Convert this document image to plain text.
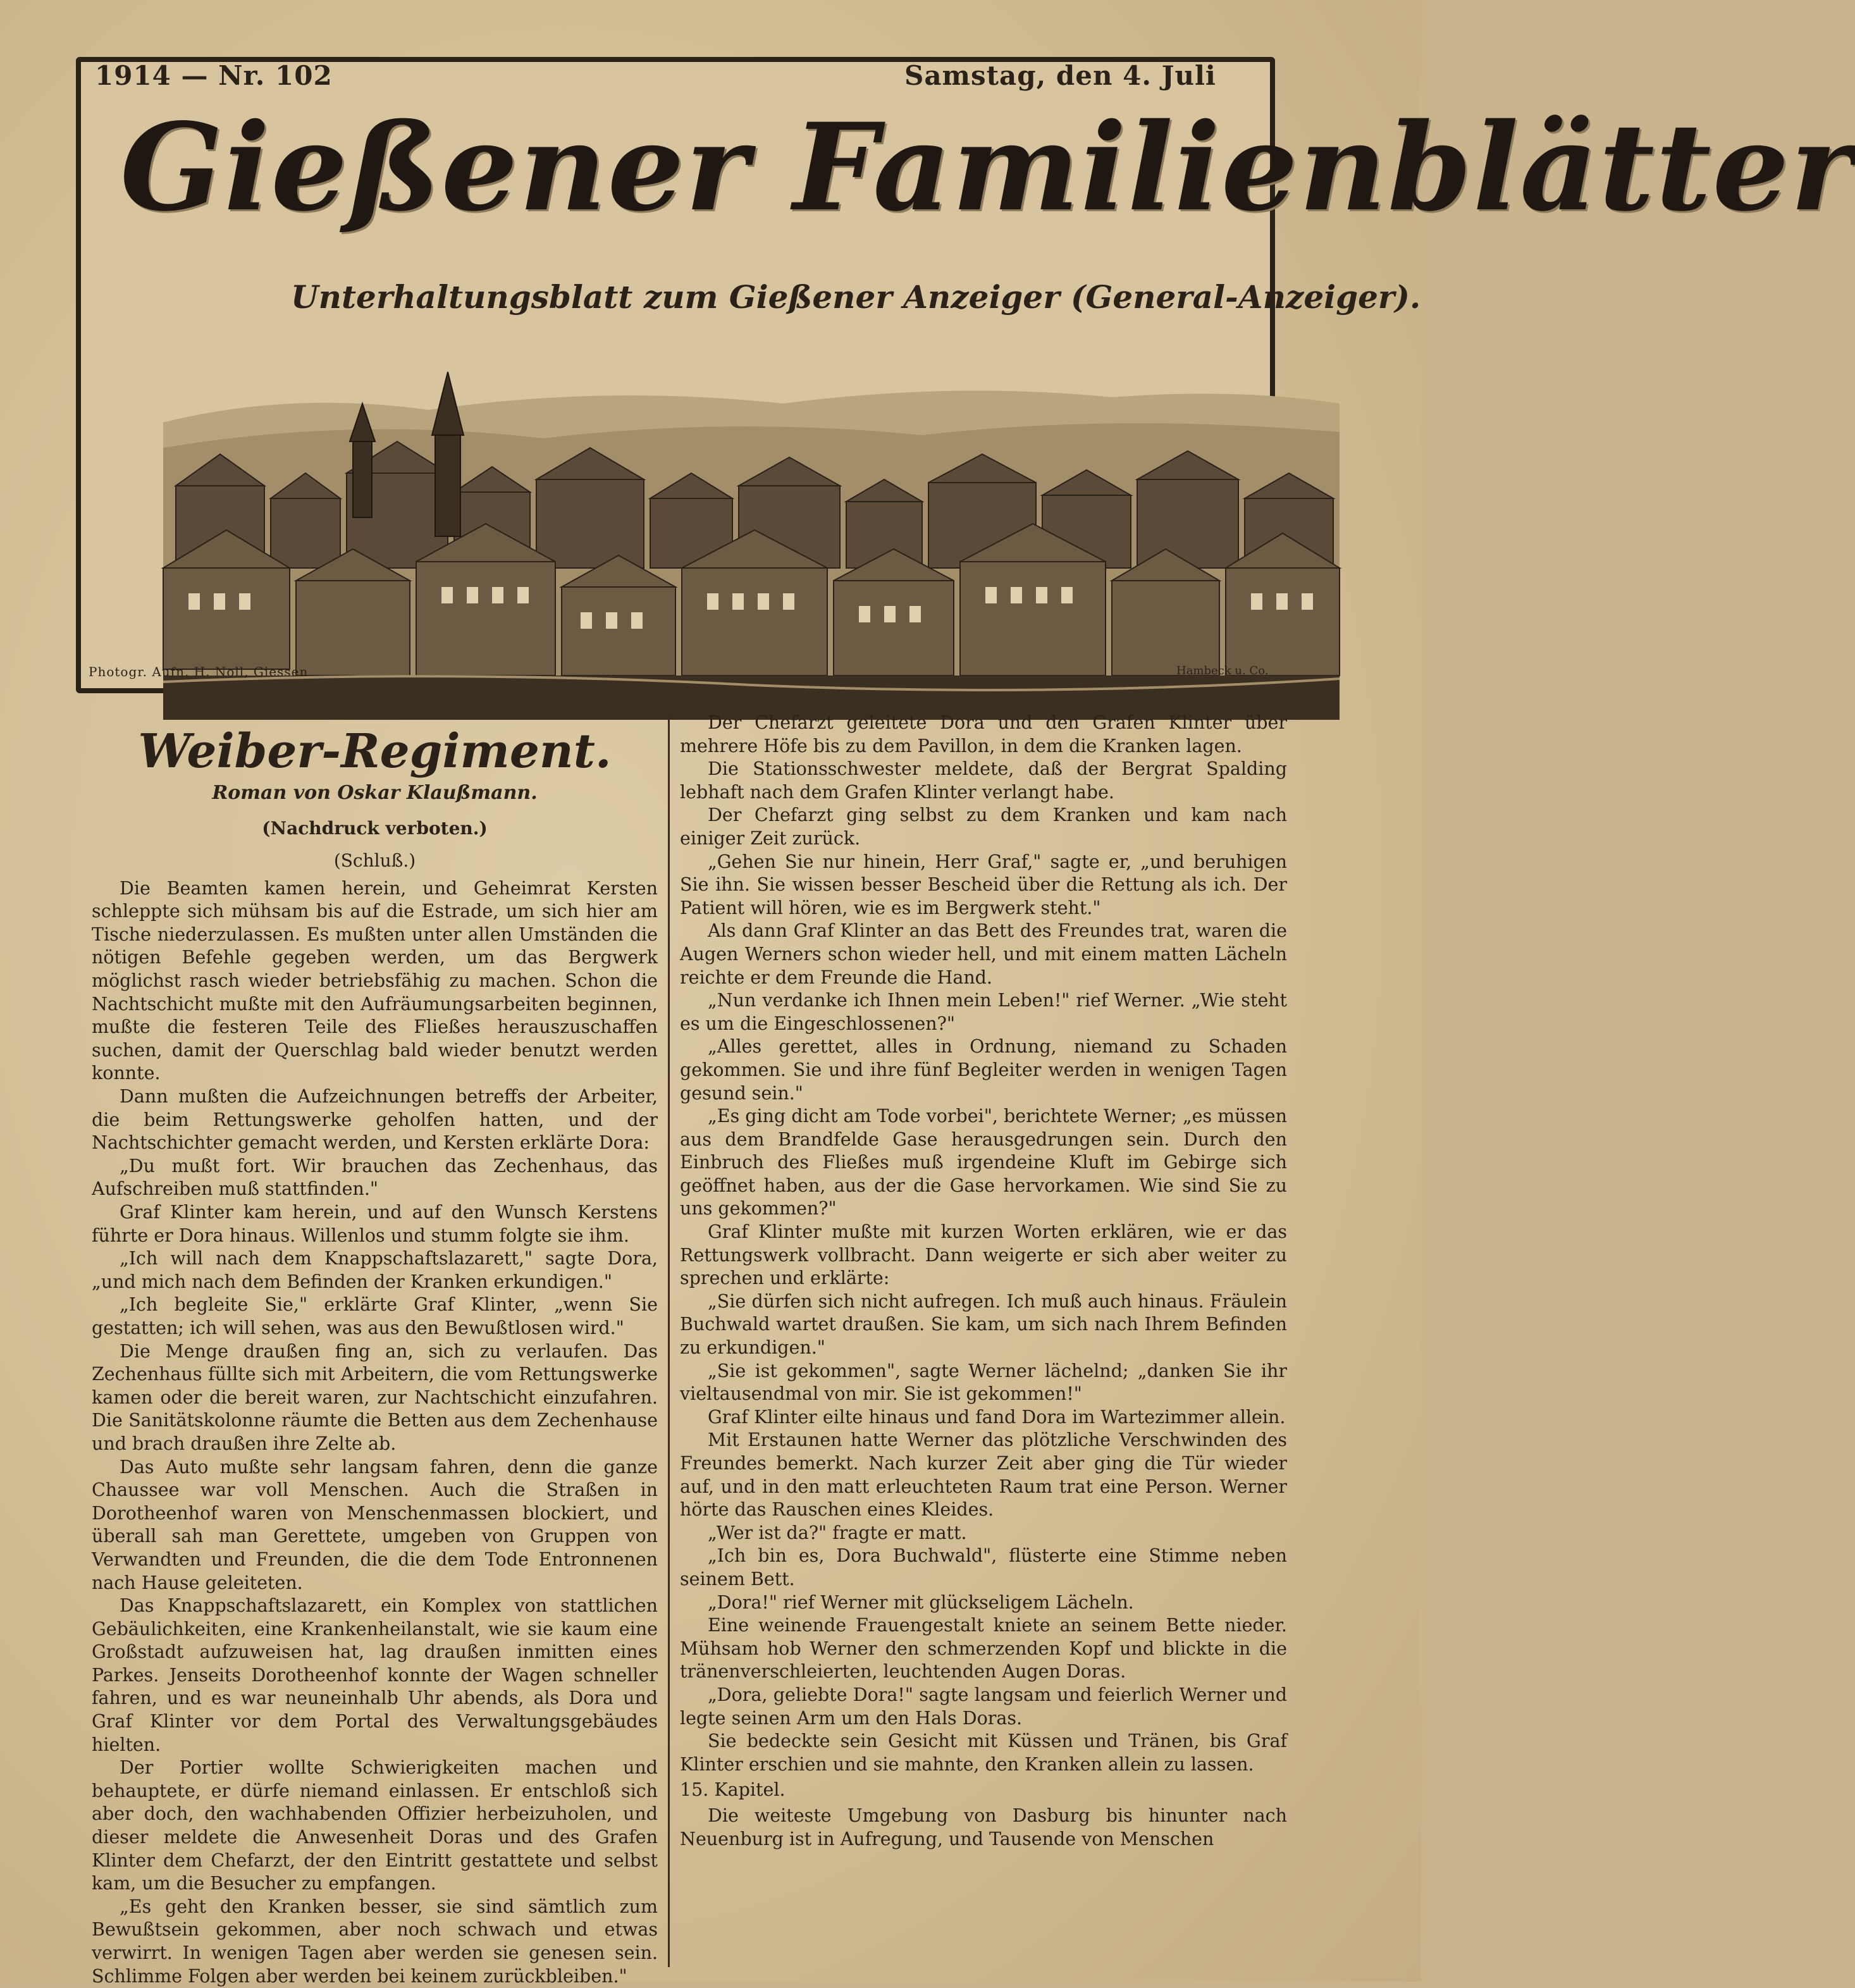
1914 — Nr. 102	Samstag, den 4. Juli
Gießener Familienblätter
Unterhaltungsblatt zum Gießener Anzeiger (General-Anzeiger).
Photogr. Aufn. H. Noll, Giessen	Hambeck u. Co.
Weiber-Regiment.
Roman von Oskar Klaußmann.
(Nachdruck verboten.)
(Schluß.)

Die Beamten kamen herein, und Geheimrat Kersten schleppte sich mühsam bis auf die Estrade, um sich hier am Tische niederzulassen. Es mußten unter allen Umständen die nötigen Befehle gegeben werden, um das Bergwerk möglichst rasch wieder betriebsfähig zu machen. Schon die Nachtschicht mußte mit den Aufräumungsarbeiten beginnen, mußte die festeren Teile des Fließes herauszuschaffen suchen, damit der Querschlag bald wieder benutzt werden konnte.

Dann mußten die Aufzeichnungen betreffs der Arbeiter, die beim Rettungswerke geholfen hatten, und der Nachtschichter gemacht werden, und Kersten erklärte Dora:

„Du mußt fort. Wir brauchen das Zechenhaus, das Aufschreiben muß stattfinden."

Graf Klinter kam herein, und auf den Wunsch Kerstens führte er Dora hinaus. Willenlos und stumm folgte sie ihm.

„Ich will nach dem Knappschaftslazarett," sagte Dora, „und mich nach dem Befinden der Kranken erkundigen."

„Ich begleite Sie," erklärte Graf Klinter, „wenn Sie gestatten; ich will sehen, was aus den Bewußtlosen wird."

Die Menge draußen fing an, sich zu verlaufen. Das Zechenhaus füllte sich mit Arbeitern, die vom Rettungswerke kamen oder die bereit waren, zur Nachtschicht einzufahren. Die Sanitätskolonne räumte die Betten aus dem Zechenhause und brach draußen ihre Zelte ab.

Das Auto mußte sehr langsam fahren, denn die ganze Chaussee war voll Menschen. Auch die Straßen in Dorotheenhof waren von Menschenmassen blockiert, und überall sah man Gerettete, umgeben von Gruppen von Verwandten und Freunden, die die dem Tode Entronnenen nach Hause geleiteten.

Das Knappschaftslazarett, ein Komplex von stattlichen Gebäulichkeiten, eine Krankenheilanstalt, wie sie kaum eine Großstadt aufzuweisen hat, lag draußen inmitten eines Parkes. Jenseits Dorotheenhof konnte der Wagen schneller fahren, und es war neuneinhalb Uhr abends, als Dora und Graf Klinter vor dem Portal des Verwaltungsgebäudes hielten.

Der Portier wollte Schwierigkeiten machen und behauptete, er dürfe niemand einlassen. Er entschloß sich aber doch, den wachhabenden Offizier herbeizuholen, und dieser meldete die Anwesenheit Doras und des Grafen Klinter dem Chefarzt, der den Eintritt gestattete und selbst kam, um die Besucher zu empfangen.

„Es geht den Kranken besser, sie sind sämtlich zum Bewußtsein gekommen, aber noch schwach und etwas verwirrt. In wenigen Tagen aber werden sie genesen sein. Schlimme Folgen aber werden bei keinem zurückbleiben."

Der Chefarzt geleitete Dora und den Grafen Klinter über mehrere Höfe bis zu dem Pavillon, in dem die Kranken lagen.

Die Stationsschwester meldete, daß der Bergrat Spalding lebhaft nach dem Grafen Klinter verlangt habe.

Der Chefarzt ging selbst zu dem Kranken und kam nach einiger Zeit zurück.

„Gehen Sie nur hinein, Herr Graf," sagte er, „und beruhigen Sie ihn. Sie wissen besser Bescheid über die Rettung als ich. Der Patient will hören, wie es im Bergwerk steht."

Als dann Graf Klinter an das Bett des Freundes trat, waren die Augen Werners schon wieder hell, und mit einem matten Lächeln reichte er dem Freunde die Hand.

„Nun verdanke ich Ihnen mein Leben!" rief Werner. „Wie steht es um die Eingeschlossenen?"

„Alles gerettet, alles in Ordnung, niemand zu Schaden gekommen. Sie und ihre fünf Begleiter werden in wenigen Tagen gesund sein."

„Es ging dicht am Tode vorbei", berichtete Werner; „es müssen aus dem Brandfelde Gase herausgedrungen sein. Durch den Einbruch des Fließes muß irgendeine Kluft im Gebirge sich geöffnet haben, aus der die Gase hervorkamen. Wie sind Sie zu uns gekommen?"

Graf Klinter mußte mit kurzen Worten erklären, wie er das Rettungswerk vollbracht. Dann weigerte er sich aber weiter zu sprechen und erklärte:

„Sie dürfen sich nicht aufregen. Ich muß auch hinaus. Fräulein Buchwald wartet draußen. Sie kam, um sich nach Ihrem Befinden zu erkundigen."

„Sie ist gekommen", sagte Werner lächelnd; „danken Sie ihr vieltausendmal von mir. Sie ist gekommen!"

Graf Klinter eilte hinaus und fand Dora im Wartezimmer allein.

Mit Erstaunen hatte Werner das plötzliche Verschwinden des Freundes bemerkt. Nach kurzer Zeit aber ging die Tür wieder auf, und in den matt erleuchteten Raum trat eine Person. Werner hörte das Rauschen eines Kleides.

„Wer ist da?" fragte er matt.

„Ich bin es, Dora Buchwald", flüsterte eine Stimme neben seinem Bett.

„Dora!" rief Werner mit glückseligem Lächeln.

Eine weinende Frauengestalt kniete an seinem Bette nieder. Mühsam hob Werner den schmerzenden Kopf und blickte in die tränenverschleierten, leuchtenden Augen Doras.

„Dora, geliebte Dora!" sagte langsam und feierlich Werner und legte seinen Arm um den Hals Doras.

Sie bedeckte sein Gesicht mit Küssen und Tränen, bis Graf Klinter erschien und sie mahnte, den Kranken allein zu lassen.

15. Kapitel.

Die weiteste Umgebung von Dasburg bis hinunter nach Neuenburg ist in Aufregung, und Tausende von Menschen
